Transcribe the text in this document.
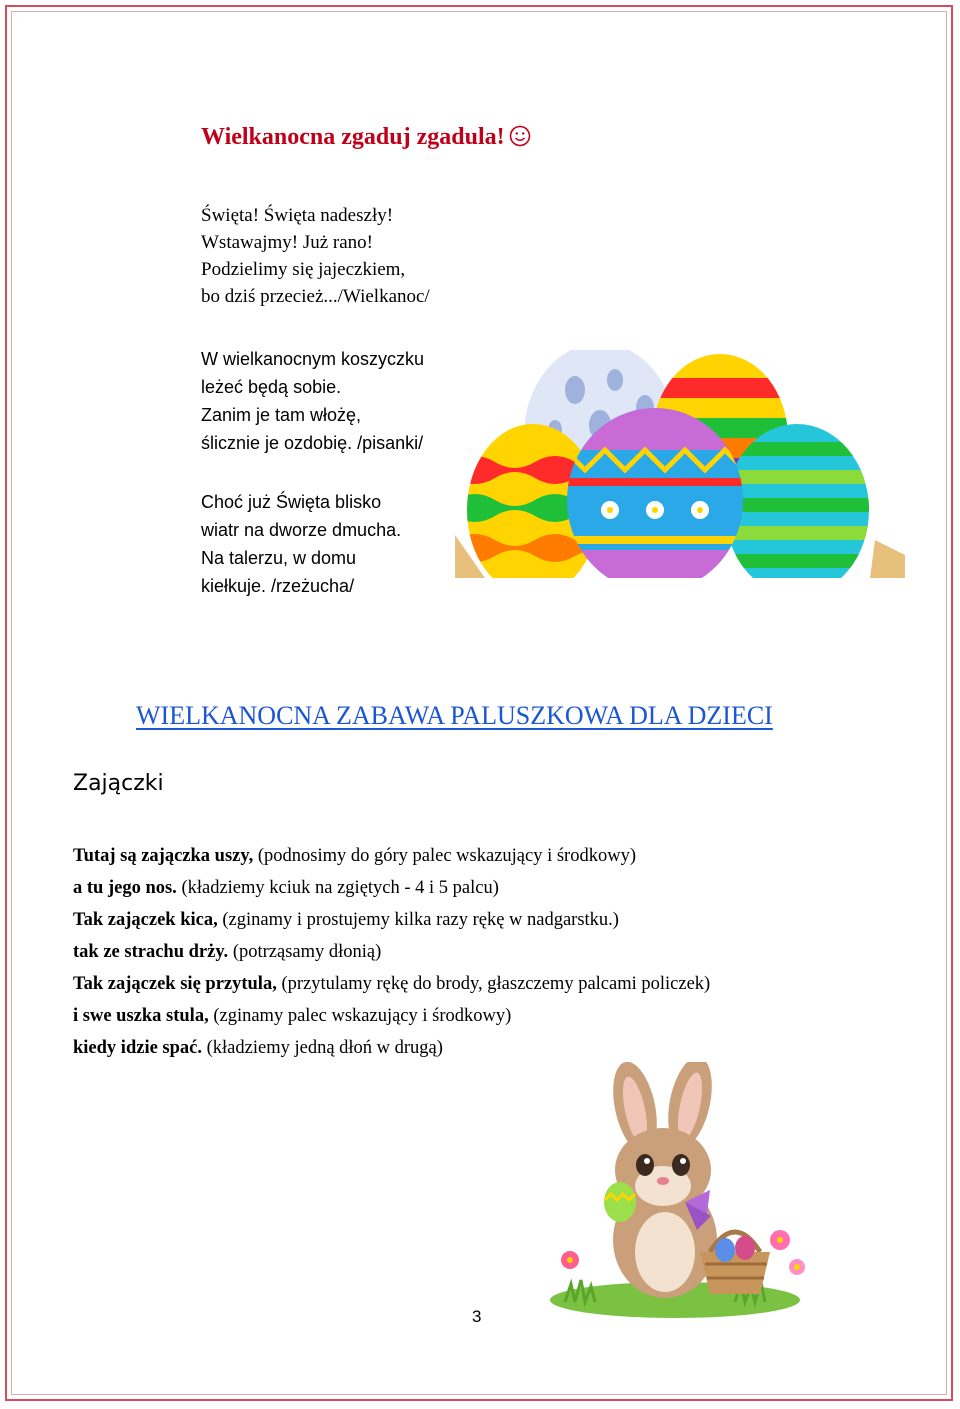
Wielkanocna zgaduj zgadula!
Święta! Święta nadeszły!
Wstawajmy! Już rano!
Podzielimy się jajeczkiem,
bo dziś przecież.../Wielkanoc/
W wielkanocnym koszyczku
leżeć będą sobie.
Zanim je tam włożę,
ślicznie je ozdobię. /pisanki/
Choć już Święta blisko
wiatr na dworze dmucha.
Na talerzu, w domu
kiełkuje. /rzeżucha/
WIELKANOCNA ZABAWA PALUSZKOWA DLA DZIECI
Zajączki
Tutaj są zajączka uszy, (podnosimy do góry palec wskazujący i środkowy)
a tu jego nos. (kładziemy kciuk na zgiętych - 4 i 5 palcu)
Tak zajączek kica, (zginamy i prostujemy kilka razy rękę w nadgarstku.)
tak ze strachu drży. (potrząsamy dłonią)
Tak zajączek się przytula, (przytulamy rękę do brody, głaszczemy palcami policzek)
i swe uszka stula, (zginamy palec wskazujący i środkowy)
kiedy idzie spać. (kładziemy jedną dłoń w drugą)
3
